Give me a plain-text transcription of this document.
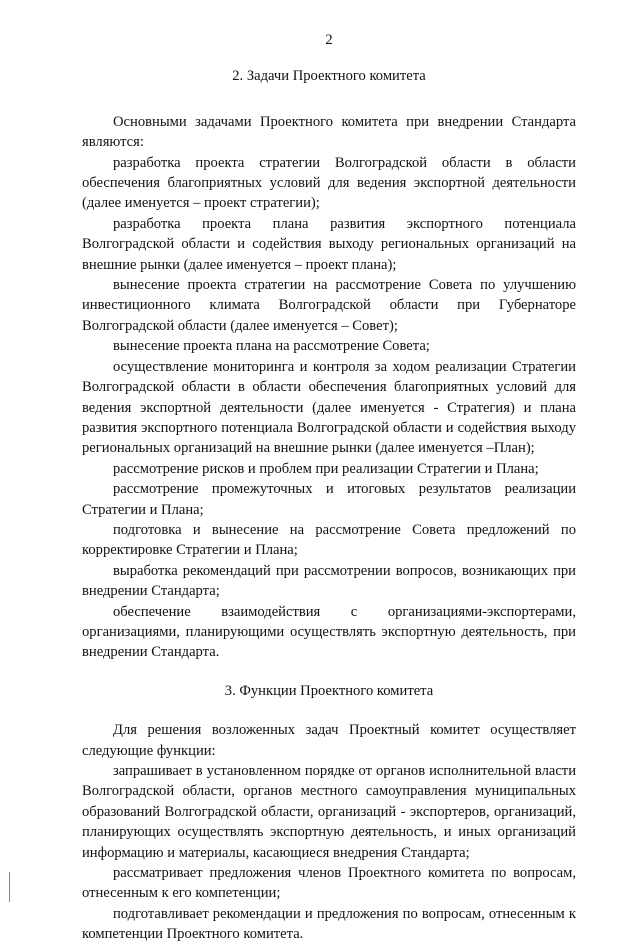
2
2. Задачи Проектного комитета

Основными задачами Проектного комитета при внедрении Стандарта являются:

разработка проекта стратегии Волгоградской области в области обеспечения благоприятных условий для ведения экспортной деятельности (далее именуется – проект стратегии);

разработка проекта плана развития экспортного потенциала Волгоградской области и содействия выходу региональных организаций на внешние рынки (далее именуется – проект плана);

вынесение проекта стратегии на рассмотрение Совета по улучшению инвестиционного климата Волгоградской области при Губернаторе Волгоградской области (далее именуется – Совет);

вынесение проекта плана на рассмотрение Совета;

осуществление мониторинга и контроля за ходом реализации Стратегии Волгоградской области в области обеспечения благоприятных условий для ведения экспортной деятельности (далее именуется - Стратегия) и плана развития экспортного потенциала Волгоградской области и содействия выходу региональных организаций на внешние рынки (далее именуется –План);

рассмотрение рисков и проблем при реализации Стратегии и Плана;

рассмотрение промежуточных и итоговых результатов реализации Стратегии и Плана;

подготовка и вынесение на рассмотрение Совета предложений по корректировке Стратегии и Плана;

выработка рекомендаций при рассмотрении вопросов, возникающих при внедрении Стандарта;

обеспечение взаимодействия с организациями-экспортерами, организациями, планирующими осуществлять экспортную деятельность, при внедрении Стандарта.

3. Функции Проектного комитета

Для решения возложенных задач Проектный комитет осуществляет следующие функции:

запрашивает в установленном порядке от органов исполнительной власти Волгоградской области, органов местного самоуправления муниципальных образований Волгоградской области, организаций - экспортеров, организаций, планирующих осуществлять экспортную деятельность, и иных организаций информацию и материалы, касающиеся внедрения Стандарта;

рассматривает предложения членов Проектного комитета по вопросам, отнесенным к его компетенции;

подготавливает рекомендации и предложения по вопросам, отнесенным к компетенции Проектного комитета.
